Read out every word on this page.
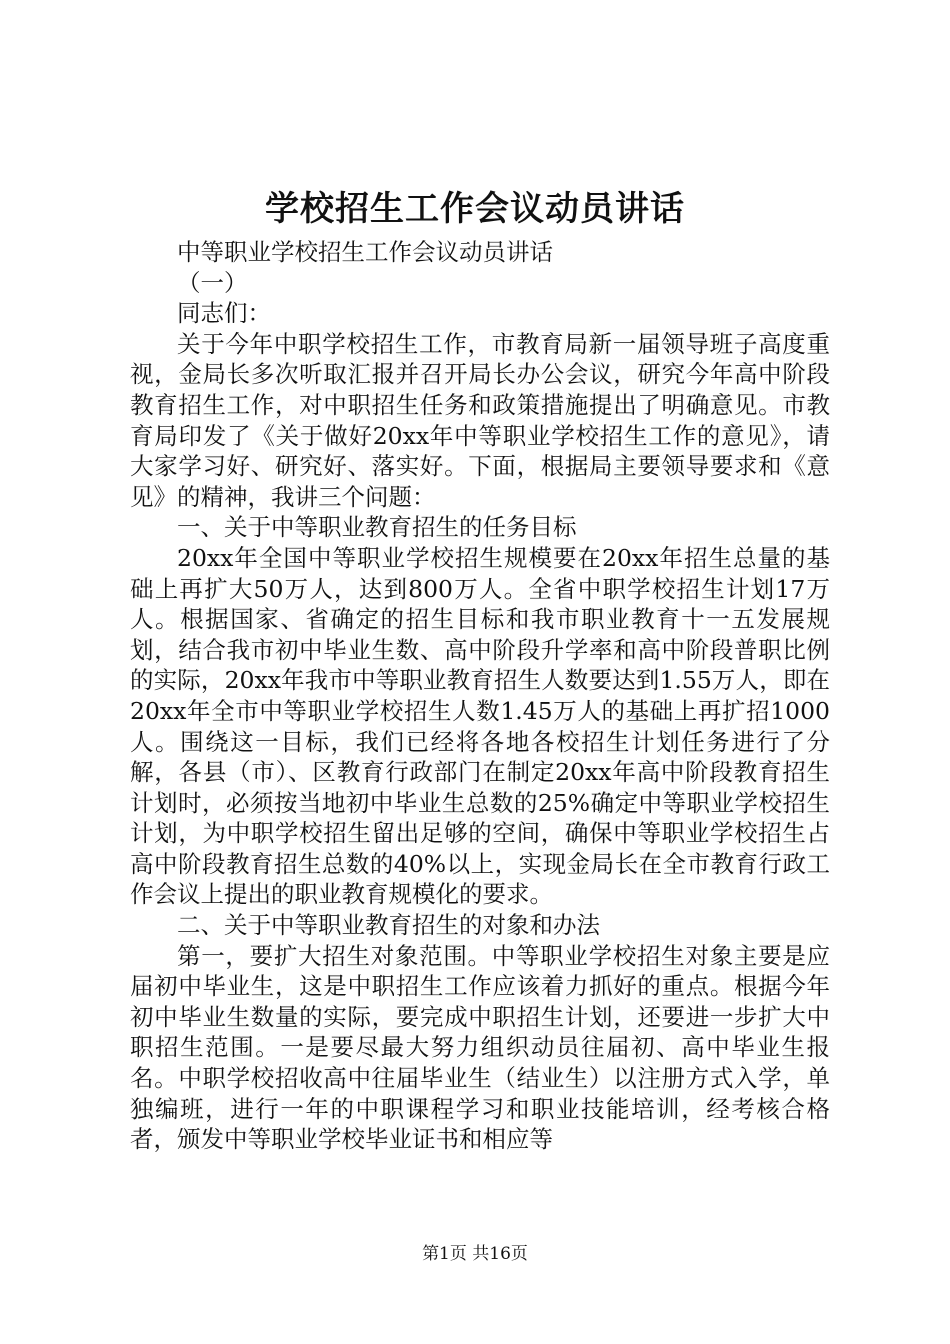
学校招生工作会议动员讲话

中等职业学校招生工作会议动员讲话

（一）

同志们：

关于今年中职学校招生工作，市教育局新一届领导班子高度重视，金局长多次听取汇报并召开局长办公会议，研究今年高中阶段教育招生工作，对中职招生任务和政策措施提出了明确意见。市教育局印发了《关于做好20xx年中等职业学校招生工作的意见》，请大家学习好、研究好、落实好。下面，根据局主要领导要求和《意见》的精神，我讲三个问题：

一、关于中等职业教育招生的任务目标

20xx年全国中等职业学校招生规模要在20xx年招生总量的基础上再扩大50万人，达到800万人。全省中职学校招生计划17万人。根据国家、省确定的招生目标和我市职业教育十一五发展规划，结合我市初中毕业生数、高中阶段升学率和高中阶段普职比例的实际，20xx年我市中等职业教育招生人数要达到1.55万人，即在20xx年全市中等职业学校招生人数1.45万人的基础上再扩招1000人。围绕这一目标，我们已经将各地各校招生计划任务进行了分解，各县（市）、区教育行政部门在制定20xx年高中阶段教育招生计划时，必须按当地初中毕业生总数的25%确定中等职业学校招生计划，为中职学校招生留出足够的空间，确保中等职业学校招生占高中阶段教育招生总数的40%以上，实现金局长在全市教育行政工作会议上提出的职业教育规模化的要求。

二、关于中等职业教育招生的对象和办法

第一，要扩大招生对象范围。中等职业学校招生对象主要是应届初中毕业生，这是中职招生工作应该着力抓好的重点。根据今年初中毕业生数量的实际，要完成中职招生计划，还要进一步扩大中职招生范围。一是要尽最大努力组织动员往届初、高中毕业生报名。中职学校招收高中往届毕业生（结业生）以注册方式入学，单独编班，进行一年的中职课程学习和职业技能培训，经考核合格者，颁发中等职业学校毕业证书和相应等

第1页 共16页
